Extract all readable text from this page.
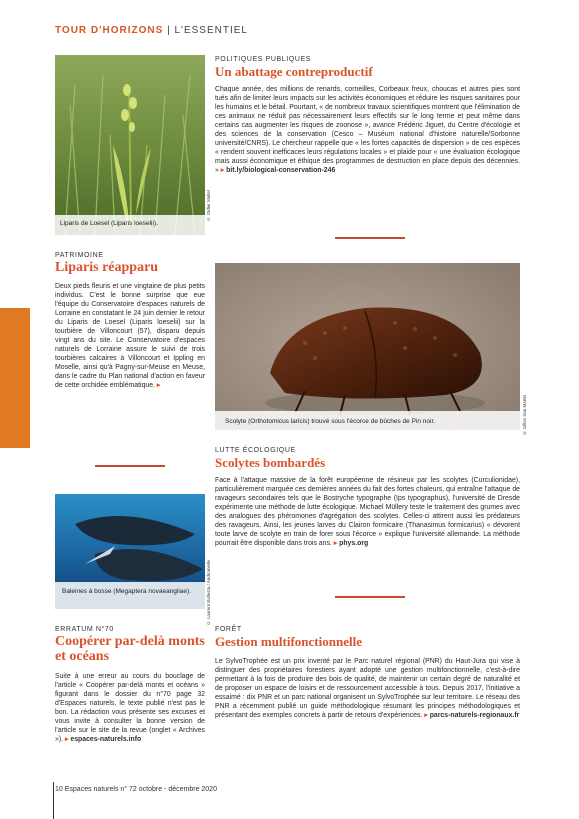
TOUR D'HORIZONS | L'ESSENTIEL
Liparis de Loesel (Liparis loeselii).
© Didier Mallet
POLITIQUES PUBLIQUES
Un abattage contreproductif
Chaque année, des millions de renards, corneilles, Corbeaux freux, choucas et autres pies sont tués afin de limiter leurs impacts sur les activités économiques et réduire les risques sanitaires pour les humains et le bétail. Pourtant, « de nombreux travaux scientifiques montrent que l'élimination de ces animaux ne réduit pas nécessairement leurs effectifs sur le long terme et peut même dans certains cas augmenter les risques de zoonose », avance Frédéric Jiguet, du Centre d'écologie et des sciences de la conservation (Cesco – Muséum national d'histoire naturelle/Sorbonne université/CNRS). Le chercheur rappelle que « les fortes capacités de dispersion » de ces espèces « rendent souvent inefficaces leurs régulations locales » et plaide pour « une évaluation écologique mais aussi économique et éthique des programmes de destruction en place depuis des décennies. » ▸ bit.ly/biological-conservation-246
PATRIMOINE
Liparis réapparu
Deux pieds fleuris et une vingtaine de plus petits individus. C'est le bonne surprise que eue l'équipe du Conservatoire d'espaces naturels de Lorraine en constatant le 24 juin dernier le retour du Liparis de Loesel (Liparis loeselii) sur la tourbière de Villoncourt (57), disparu depuis vingt ans du site. Le Conservatoire d'espaces naturels de Lorraine assure le suivi de trois tourbières calcaires à Villoncourt et Ippling en Moselle, ainsi qu'à Pagny-sur-Meuse en Meuse, dans le cadre du Plan national d'action en faveur de cette orchidée emblématique. ▸
Scolyte (Orthotomicus laricis) trouvé sous l'écorce de bûches de Pin noir.	© Gilles San Martin
LUTTE ÉCOLOGIQUE
Scolytes bombardés
Face à l'attaque massive de la forêt européenne de résineux par les scolytes (Curculionidae), particulièrement marquée ces dernières années du fait des fortes chaleurs, qui entraîne l'attaque de ravageurs secondaires tels que le Bostryche typographe (Ips typographus), l'université de Dresde expérimente une méthode de lutte écologique. Michael Müllery teste le traitement des grumes avec des analogues des phéromones d'agrégation des scolytes. Celles-ci attirent aussi les prédateurs des ravageurs. Ainsi, les jeunes larves du Clairon formicaire (Thanasimus formicarius) « dévorent toute larve de scolyte en train de forer sous l'écorce » explique l'université allemande. La méthode pourrait être disponible dans trois ans. ▸ phys.org
Baleines à bosse (Megaptera novaeangliae).	© Laurent Ballesta / Andromède
ERRATUM N°70
Coopérer par-delà monts et océans
Suite à une erreur au cours du bouclage de l'article « Coopérer par-delà monts et océans » figurant dans le dossier du n°70 page 32 d'Espaces naturels, le texte publié n'est pas le bon. La rédaction vous présente ses excuses et vous invite à consulter la bonne version de l'article sur le site de la revue (onglet « Archives »). ▸ espaces-naturels.info
FORÊT
Gestion multifonctionnelle
Le SylvoTrophée est un prix inventé par le Parc naturel régional (PNR) du Haut-Jura qui vise à distinguer des propriétaires forestiers ayant adopté une gestion multifonctionnelle, c'est-à-dire permettant à la fois de produire des bois de qualité, de maintenir un certain degré de naturalité et de proposer un espace de loisirs et de ressourcement accessible à tous. Depuis 2017, l'initiative a essaimé : dix PNR et un parc national organisent un SylvoTrophée sur leur territoire. Le réseau des PNR a récemment publié un guide méthodologique résumant les principes méthodologiques et présentant des exemples concrets à partir de retours d'expériences. ▸ parcs-naturels-regionaux.fr
10 Espaces naturels n° 72 octobre - décembre 2020
